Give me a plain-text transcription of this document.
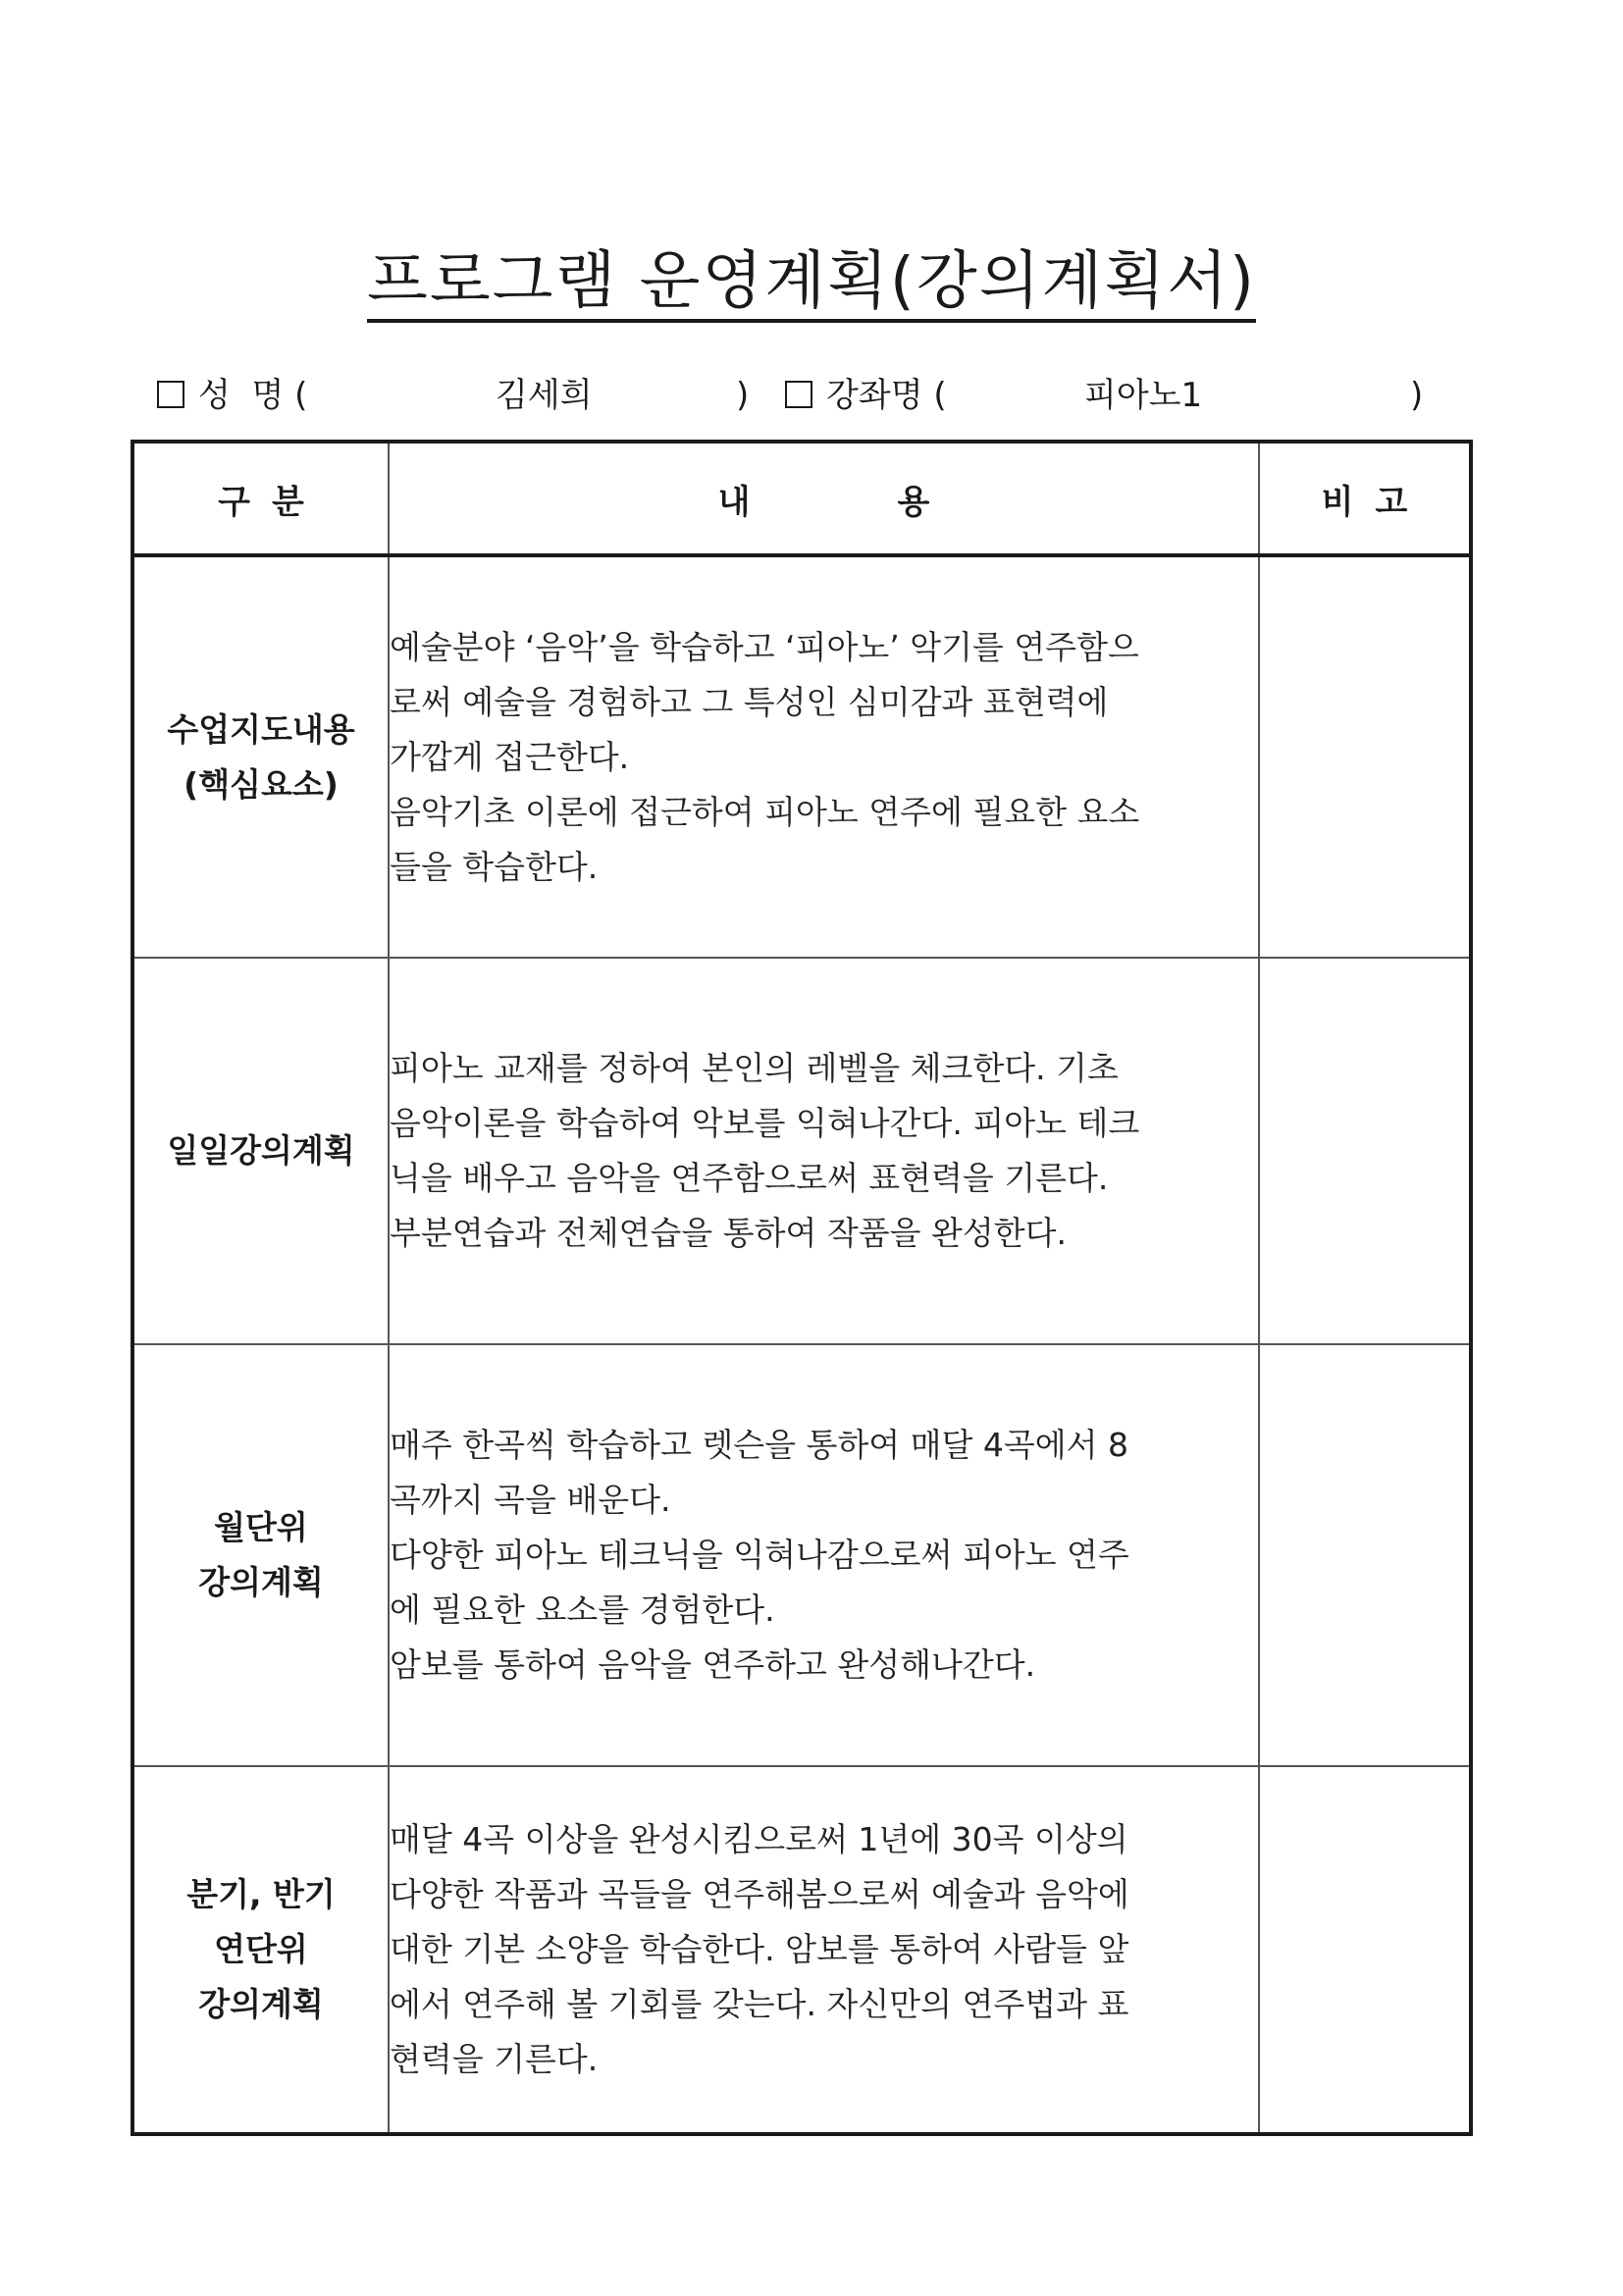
프로그램 운영계획(강의계획서)
성  명 (	김세희	)	강좌명 (	피아노1	)
구분	내용	비고

수업지도내용
(핵심요소)	예술분야 ‘음악’을 학습하고 ‘피아노’ 악기를 연주함으
로써 예술을 경험하고 그 특성인 심미감과 표현력에
가깝게 접근한다.
음악기초 이론에 접근하여 피아노 연주에 필요한 요소
들을 학습한다.	

일일강의계획	피아노 교재를 정하여 본인의 레벨을 체크한다. 기초
음악이론을 학습하여 악보를 익혀나간다. 피아노 테크
닉을 배우고 음악을 연주함으로써 표현력을 기른다.
부분연습과 전체연습을 통하여 작품을 완성한다.	

월단위
강의계획	매주 한곡씩 학습하고 렛슨을 통하여 매달 4곡에서 8
곡까지 곡을 배운다.
다양한 피아노 테크닉을 익혀나감으로써 피아노 연주
에 필요한 요소를 경험한다.
암보를 통하여 음악을 연주하고 완성해나간다.	

분기, 반기
연단위
강의계획	매달 4곡 이상을 완성시킴으로써 1년에 30곡 이상의
다양한 작품과 곡들을 연주해봄으로써 예술과 음악에
대한 기본 소양을 학습한다. 암보를 통하여 사람들 앞
에서 연주해 볼 기회를 갖는다. 자신만의 연주법과 표
현력을 기른다.	
